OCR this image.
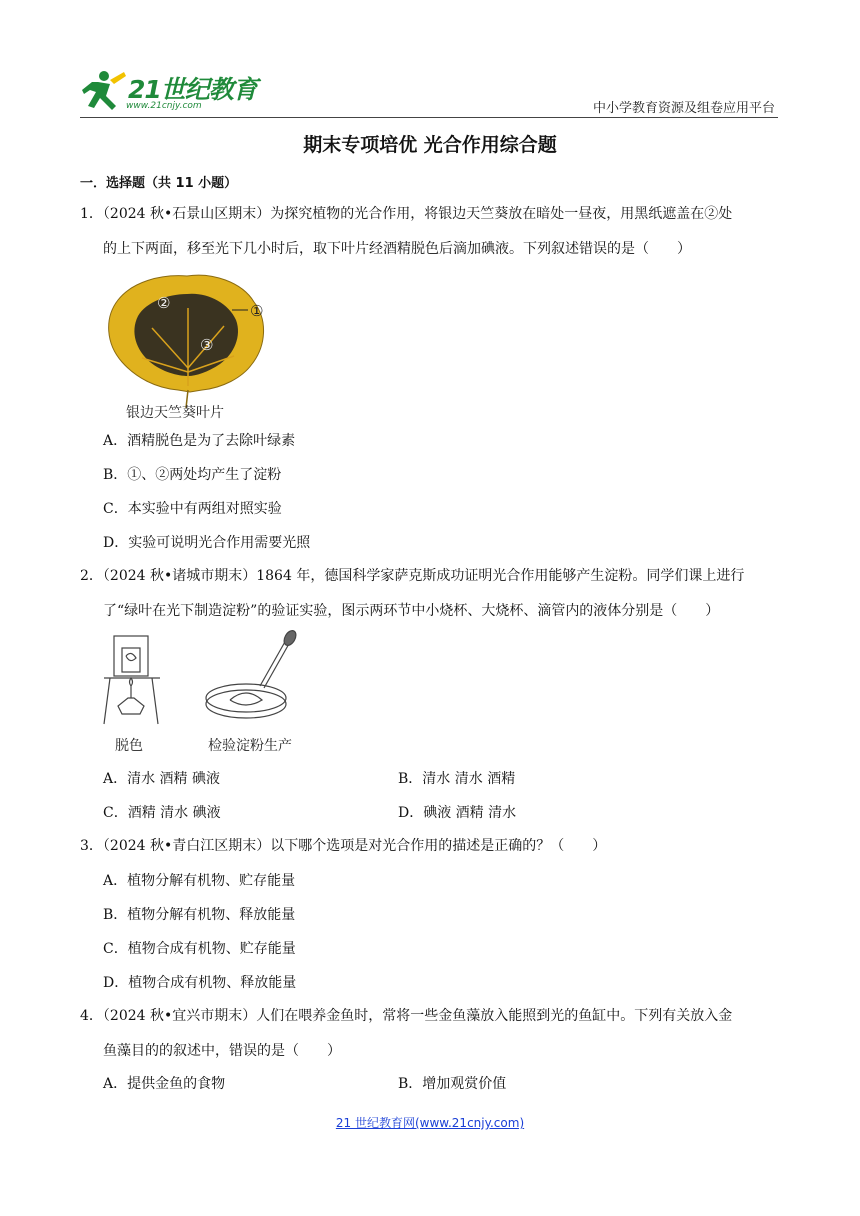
21世纪教育
www.21cnjy.com	中小学教育资源及组卷应用平台
期末专项培优 光合作用综合题
一．选择题（共 11 小题）
1．（2024 秋•石景山区期末）为探究植物的光合作用，将银边天竺葵放在暗处一昼夜，用黑纸遮盖在②处
的上下两面，移至光下几小时后，取下叶片经酒精脱色后滴加碘液。下列叙述错误的是（　　）
②	①
③
银边天竺葵叶片
A．酒精脱色是为了去除叶绿素
B．①、②两处均产生了淀粉
C．本实验中有两组对照实验
D．实验可说明光合作用需要光照
2．（2024 秋•诸城市期末）1864 年，德国科学家萨克斯成功证明光合作用能够产生淀粉。同学们课上进行
了“绿叶在光下制造淀粉”的验证实验，图示两环节中小烧杯、大烧杯、滴管内的液体分别是（　　）
脱色	检验淀粉生产
A．清水 酒精 碘液	B．清水 清水 酒精
C．酒精 清水 碘液	D．碘液 酒精 清水
3．（2024 秋•青白江区期末）以下哪个选项是对光合作用的描述是正确的？（　　）
A．植物分解有机物、贮存能量
B．植物分解有机物、释放能量
C．植物合成有机物、贮存能量
D．植物合成有机物、释放能量
4．（2024 秋•宜兴市期末）人们在喂养金鱼时，常将一些金鱼藻放入能照到光的鱼缸中。下列有关放入金
鱼藻目的的叙述中，错误的是（　　）
A．提供金鱼的食物	B．增加观赏价值
21 世纪教育网(www.21cnjy.com)
